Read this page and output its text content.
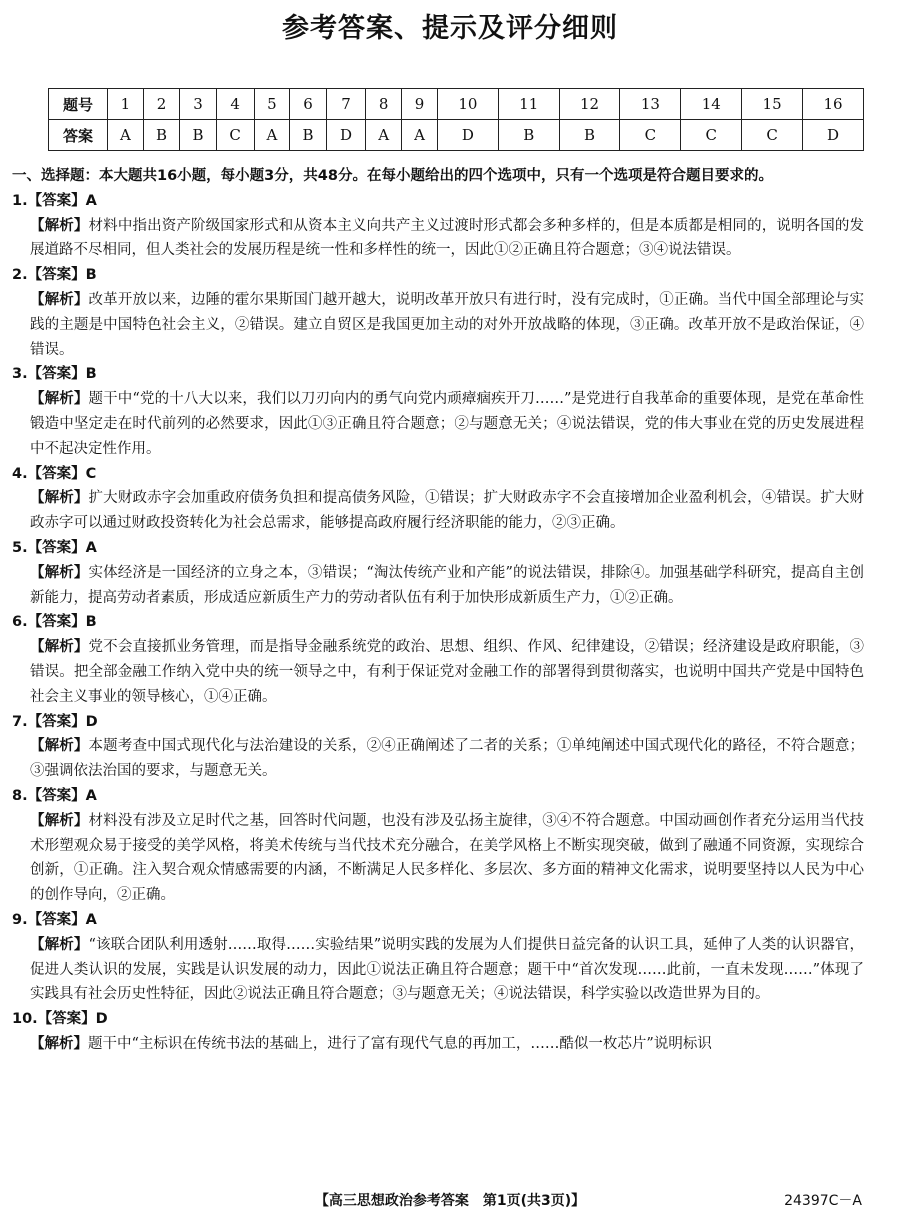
参考答案、提示及评分细则
题号	1	2	3	4	5	6	7	8	9	10	11	12	13	14	15	16
答案	A	B	B	C	A	B	D	A	A	D	B	B	C	C	C	D
一、选择题：本大题共16小题，每小题3分，共48分。在每小题给出的四个选项中，只有一个选项是符合题目要求的。
1.【答案】A
【解析】材料中指出资产阶级国家形式和从资本主义向共产主义过渡时形式都会多种多样的，但是本质都是相同的，说明各国的发展道路不尽相同，但人类社会的发展历程是统一性和多样性的统一，因此①②正确且符合题意；③④说法错误。
2.【答案】B
【解析】改革开放以来，边陲的霍尔果斯国门越开越大，说明改革开放只有进行时，没有完成时，①正确。当代中国全部理论与实践的主题是中国特色社会主义，②错误。建立自贸区是我国更加主动的对外开放战略的体现，③正确。改革开放不是政治保证，④错误。
3.【答案】B
【解析】题干中“党的十八大以来，我们以刀刃向内的勇气向党内顽瘴痼疾开刀……”是党进行自我革命的重要体现，是党在革命性锻造中坚定走在时代前列的必然要求，因此①③正确且符合题意；②与题意无关；④说法错误，党的伟大事业在党的历史发展进程中不起决定性作用。
4.【答案】C
【解析】扩大财政赤字会加重政府债务负担和提高债务风险，①错误；扩大财政赤字不会直接增加企业盈利机会，④错误。扩大财政赤字可以通过财政投资转化为社会总需求，能够提高政府履行经济职能的能力，②③正确。
5.【答案】A
【解析】实体经济是一国经济的立身之本，③错误；“淘汰传统产业和产能”的说法错误，排除④。加强基础学科研究，提高自主创新能力，提高劳动者素质，形成适应新质生产力的劳动者队伍有利于加快形成新质生产力，①②正确。
6.【答案】B
【解析】党不会直接抓业务管理，而是指导金融系统党的政治、思想、组织、作风、纪律建设，②错误；经济建设是政府职能，③错误。把全部金融工作纳入党中央的统一领导之中，有利于保证党对金融工作的部署得到贯彻落实，也说明中国共产党是中国特色社会主义事业的领导核心，①④正确。
7.【答案】D
【解析】本题考查中国式现代化与法治建设的关系，②④正确阐述了二者的关系；①单纯阐述中国式现代化的路径，不符合题意；③强调依法治国的要求，与题意无关。
8.【答案】A
【解析】材料没有涉及立足时代之基，回答时代问题，也没有涉及弘扬主旋律，③④不符合题意。中国动画创作者充分运用当代技术形塑观众易于接受的美学风格，将美术传统与当代技术充分融合，在美学风格上不断实现突破，做到了融通不同资源，实现综合创新，①正确。注入契合观众情感需要的内涵，不断满足人民多样化、多层次、多方面的精神文化需求，说明要坚持以人民为中心的创作导向，②正确。
9.【答案】A
【解析】“该联合团队利用透射……取得……实验结果”说明实践的发展为人们提供日益完备的认识工具，延伸了人类的认识器官，促进人类认识的发展，实践是认识发展的动力，因此①说法正确且符合题意；题干中“首次发现……此前，一直未发现……”体现了实践具有社会历史性特征，因此②说法正确且符合题意；③与题意无关；④说法错误，科学实验以改造世界为目的。
10.【答案】D
【解析】题干中“主标识在传统书法的基础上，进行了富有现代气息的再加工，……酷似一枚芯片”说明标识
【高三思想政治参考答案　第1页(共3页)】	24397C－A
